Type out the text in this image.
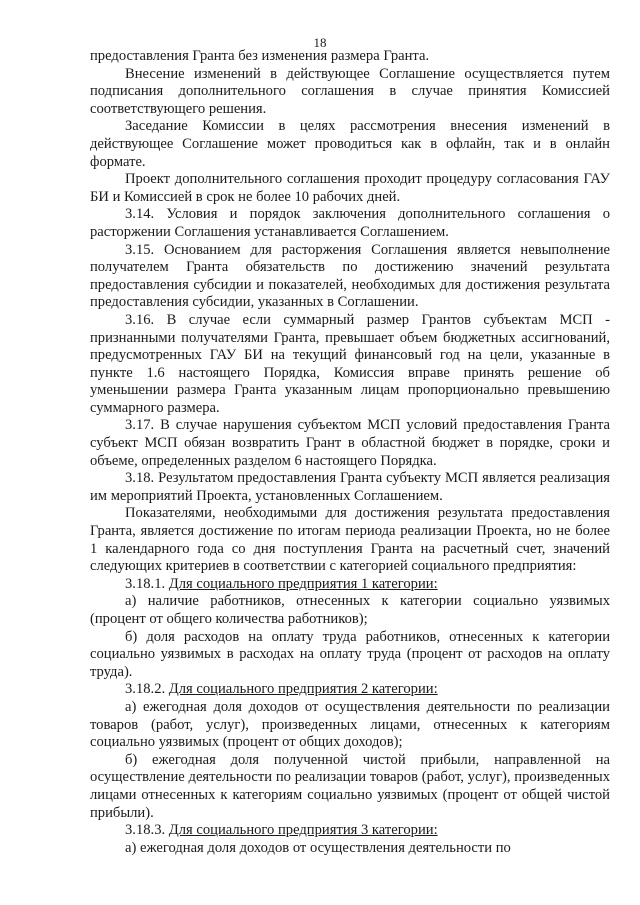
18

предоставления Гранта без изменения размера Гранта.

Внесение изменений в действующее Соглашение осуществляется путем подписания дополнительного соглашения в случае принятия Комиссией соответствующего решения.

Заседание Комиссии в целях рассмотрения внесения изменений в действующее Соглашение может проводиться как в офлайн, так и в онлайн формате.

Проект дополнительного соглашения проходит процедуру согласования ГАУ БИ и Комиссией в срок не более 10 рабочих дней.

3.14. Условия и порядок заключения дополнительного соглашения о расторжении Соглашения устанавливается Соглашением.

3.15. Основанием для расторжения Соглашения является невыполнение получателем Гранта обязательств по достижению значений результата предоставления субсидии и показателей, необходимых для достижения результата предоставления субсидии, указанных в Соглашении.

3.16. В случае если суммарный размер Грантов субъектам МСП - признанными получателями Гранта, превышает объем бюджетных ассигнований, предусмотренных ГАУ БИ на текущий финансовый год на цели, указанные в пункте 1.6 настоящего Порядка, Комиссия вправе принять решение об уменьшении размера Гранта указанным лицам пропорционально превышению суммарного размера.

3.17. В случае нарушения субъектом МСП условий предоставления Гранта субъект МСП обязан возвратить Грант в областной бюджет в порядке, сроки и объеме, определенных разделом 6 настоящего Порядка.

3.18. Результатом предоставления Гранта субъекту МСП является реализация им мероприятий Проекта, установленных Соглашением.

Показателями, необходимыми для достижения результата предоставления Гранта, является достижение по итогам периода реализации Проекта, но не более 1 календарного года со дня поступления Гранта на расчетный счет, значений следующих критериев в соответствии с категорией социального предприятия:

3.18.1. Для социального предприятия 1 категории:

а) наличие работников, отнесенных к категории социально уязвимых (процент от общего количества работников);

б) доля расходов на оплату труда работников, отнесенных к категории социально уязвимых в расходах на оплату труда (процент от расходов на оплату труда).

3.18.2. Для социального предприятия 2 категории:

а) ежегодная доля доходов от осуществления деятельности по реализации товаров (работ, услуг), произведенных лицами, отнесенных к категориям социально уязвимых (процент от общих доходов);

б) ежегодная доля полученной чистой прибыли, направленной на осуществление деятельности по реализации товаров (работ, услуг), произведенных лицами отнесенных к категориям социально уязвимых (процент от общей чистой прибыли).

3.18.3. Для социального предприятия 3 категории:

а) ежегодная доля доходов от осуществления деятельности по
